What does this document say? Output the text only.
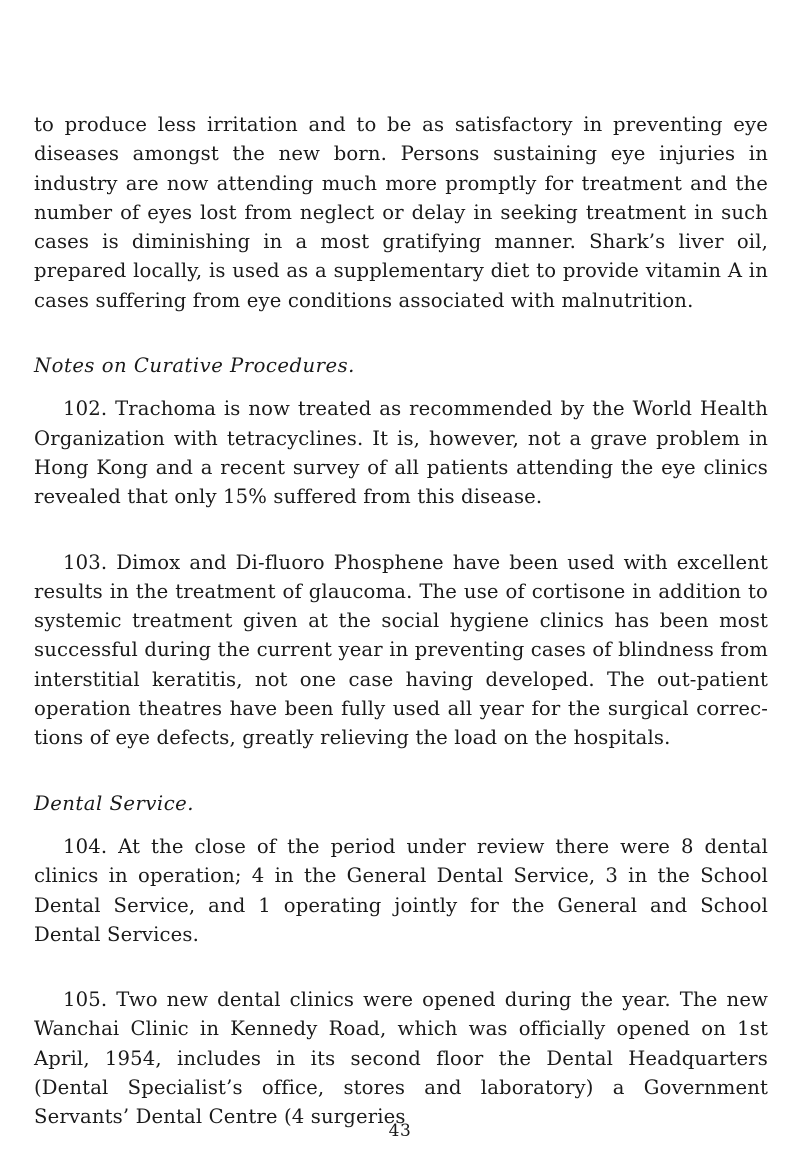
to produce less irritation and to be as satisfactory in preventing eye diseases amongst the new born. Persons sustaining eye injuries in industry are now attending much more promptly for treatment and the number of eyes lost from neglect or delay in seeking treatment in such cases is diminishing in a most gratifying manner. Shark’s liver oil, prepared locally, is used as a supplementary diet to provide vitamin A in cases suffering from eye conditions associated with malnutrition.

Notes on Curative Procedures.

102. Trachoma is now treated as recommended by the World Health Organization with tetracyclines. It is, however, not a grave problem in Hong Kong and a recent survey of all patients attending the eye clinics revealed that only 15% suffered from this disease.

103. Dimox and Di-fluoro Phosphene have been used with excellent results in the treatment of glaucoma. The use of cortisone in addition to systemic treatment given at the social hygiene clinics has been most successful during the current year in preventing cases of blindness from interstitial keratitis, not one case having developed. The out-patient operation theatres have been fully used all year for the surgical correc- tions of eye defects, greatly relieving the load on the hospitals.

Dental Service.

104. At the close of the period under review there were 8 dental clinics in operation; 4 in the General Dental Service, 3 in the School Dental Service, and 1 operating jointly for the General and School Dental Services.

105. Two new dental clinics were opened during the year. The new Wanchai Clinic in Kennedy Road, which was officially opened on 1st April, 1954, includes in its second floor the Dental Headquarters (Dental Specialist’s office, stores and laboratory) a Government Servants’ Dental Centre (4 surgeries

43
